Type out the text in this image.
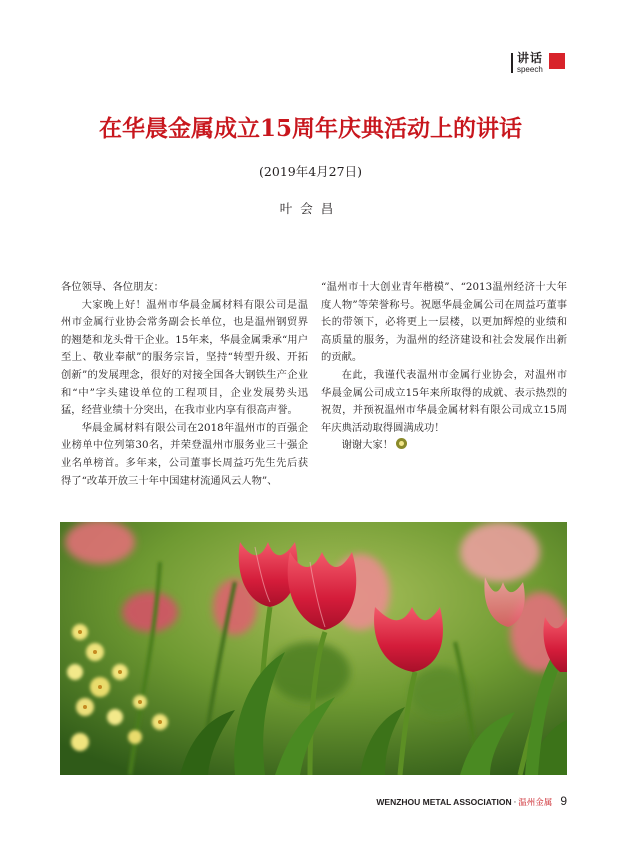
讲话
speech
在华晨金属成立15周年庆典活动上的讲话
(2019年4月27日)
叶会昌

各位领导、各位朋友：

大家晚上好！温州市华晨金属材料有限公司是温州市金属行业协会常务副会长单位，也是温州钢贸界的翘楚和龙头骨干企业。15年来，华晨金属秉承“用户至上、敬业奉献”的服务宗旨，坚持“转型升级、开拓创新”的发展理念，很好的对接全国各大钢铁生产企业和“中”字头建设单位的工程项目，企业发展势头迅猛，经营业绩十分突出，在我市业内享有很高声誉。

华晨金属材料有限公司在2018年温州市的百强企业榜单中位列第30名，并荣登温州市服务业三十强企业名单榜首。多年来，公司董事长周益巧先生先后获得了“改革开放三十年中国建材流通风云人物”、

“温州市十大创业青年楷模”、“2013温州经济十大年度人物”等荣誉称号。祝愿华晨金属公司在周益巧董事长的带领下，必将更上一层楼，以更加辉煌的业绩和高质量的服务，为温州的经济建设和社会发展作出新的贡献。

在此，我谨代表温州市金属行业协会，对温州市华晨金属公司成立15年来所取得的成就、表示热烈的祝贺，并预祝温州市华晨金属材料有限公司成立15周年庆典活动取得圆满成功！

谢谢大家！

WENZHOU METAL ASSOCIATION · 温州金属 9
